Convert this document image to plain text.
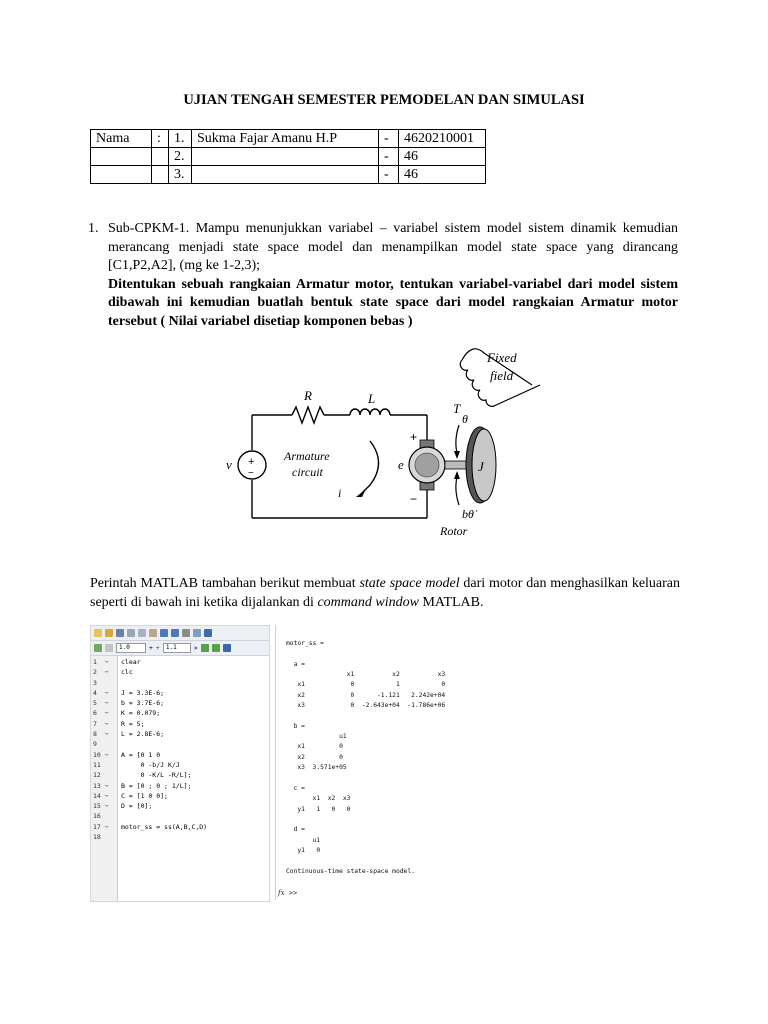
UJIAN TENGAH SEMESTER PEMODELAN DAN SIMULASI
Nama	:	1.	Sukma Fajar Amanu H.P	-	4620210001
		2.		-	46
		3.		-	46
1. Sub-CPKM-1. Mampu menunjukkan variabel – variabel sistem model sistem dinamik kemudian merancang menjadi state space model dan menampilkan model state space yang dirancang [C1,P2,A2], (mg ke 1-2,3);
Ditentukan sebuah rangkaian Armatur motor, tentukan variabel-variabel dari model sistem dibawah ini kemudian buatlah bentuk state space dari model rangkaian Armatur motor tersebut ( Nilai variabel disetiap komponen bebas )
R	L
v +
−
Armature
circuit
i
e
+
−
T
θ
J
bθ̇
Rotor
Fixed
field
Perintah MATLAB tambahan berikut membuat state space model dari motor dan menghasilkan keluaran seperti di bawah ini ketika dijalankan di command window MATLAB.
1.0	+ +	1.1	×
1  − clear
2  − clc
3
4  − J = 3.3E-6;
5  − b = 3.7E-6;
6  − K = 0.079;
7  − R = 5;
8  − L = 2.8E-6;
9
10 − A = [0 1 0
11	0 -b/J K/J
12	0 -K/L -R/L];
13 − B = [0 ; 0 ; 1/L];
14 − C = [1 0 0];
15 − D = [0];
16
17 − motor_ss = ss(A,B,C,D)
18
motor_ss =
a =
x1          x2          x3
x1            0           1           0
x2            0      -1.121   2.242e+04
x3            0  -2.643e+04  -1.786e+06
b =
u1
x1         0
x2         0
x3  3.571e+05
c =
x1  x2  x3
y1   1   0   0
d =
u1
y1   0
Continuous-time state-space model.
fx >>
